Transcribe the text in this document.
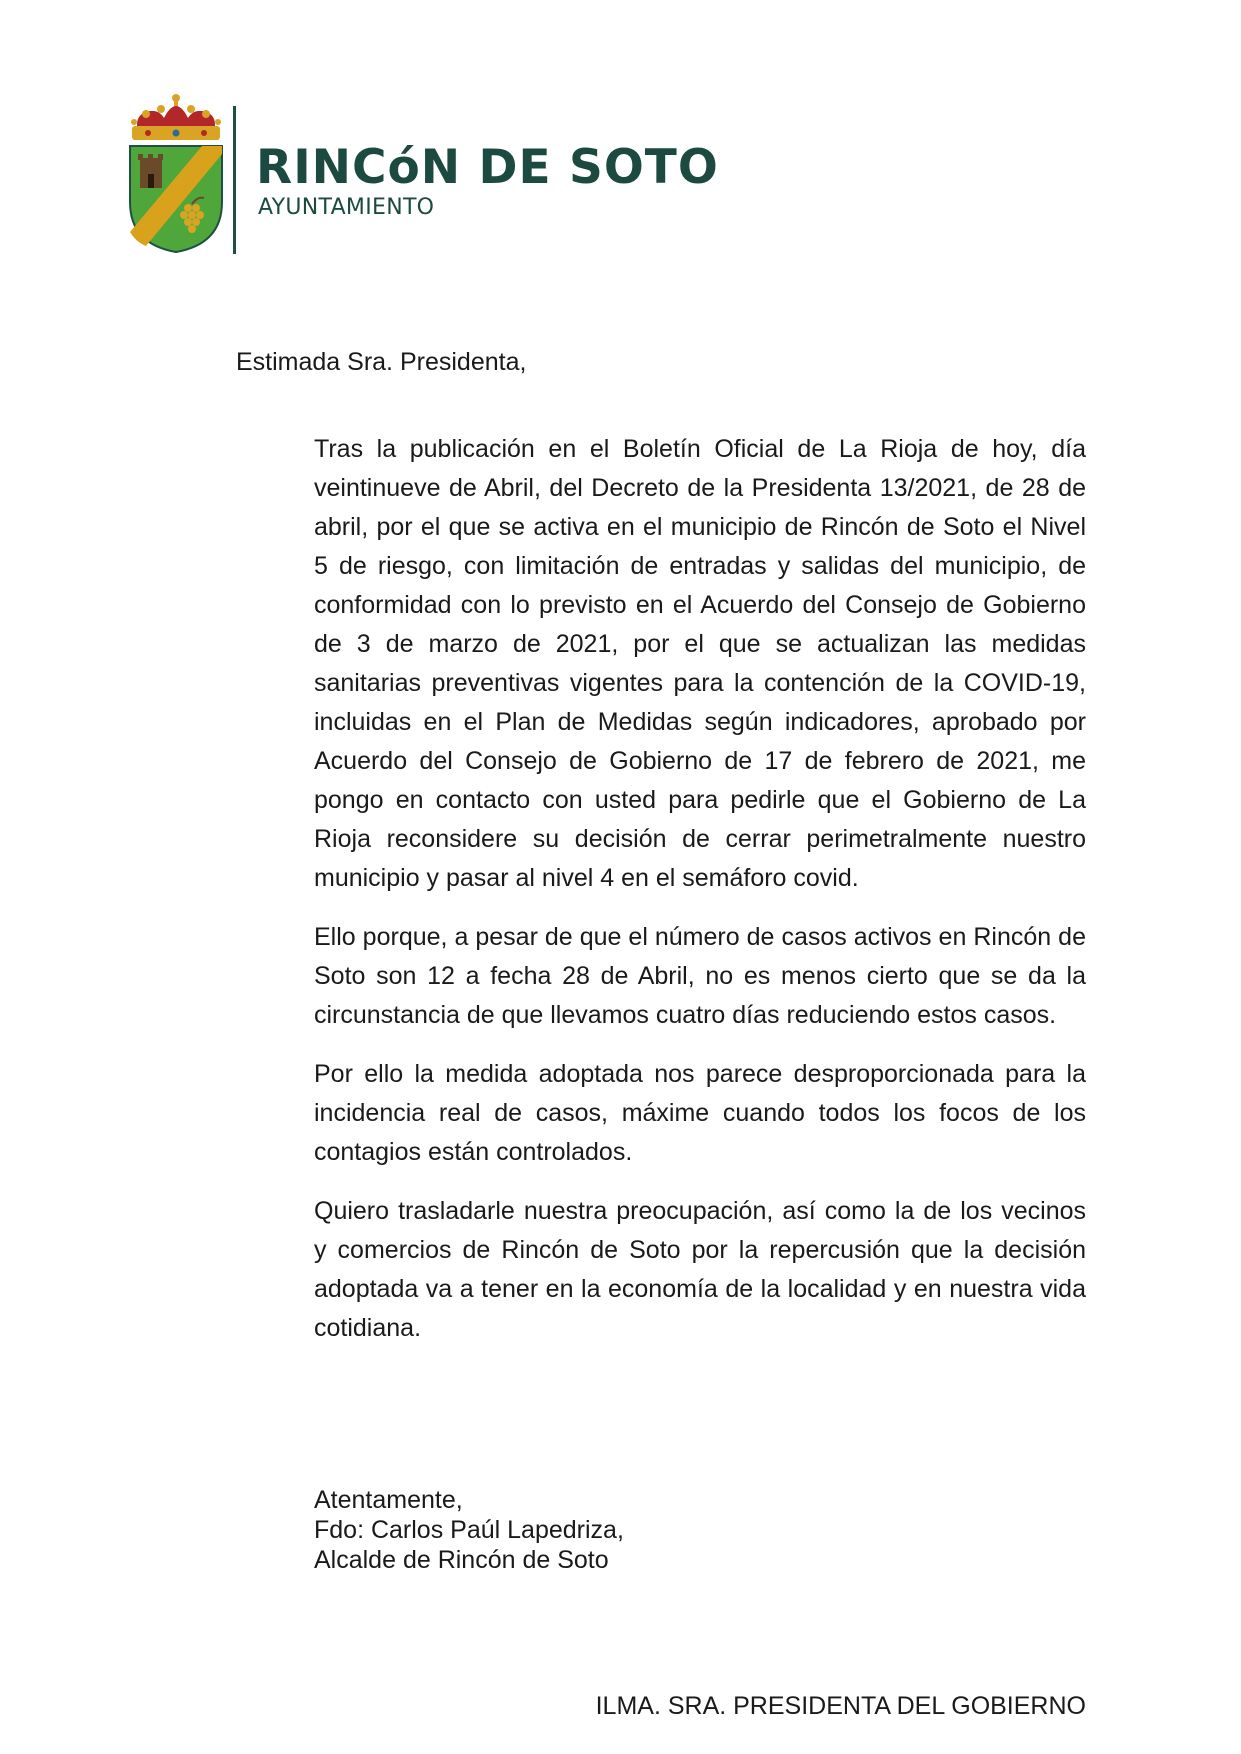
RINCóN DE SOTO
AYUNTAMIENTO
Estimada Sra. Presidenta,

Tras la publicación en el Boletín Oficial de La Rioja de hoy, día veintinueve de Abril, del Decreto de la Presidenta 13/2021, de 28 de abril, por el que se activa en el municipio de Rincón de Soto el Nivel 5 de riesgo, con limitación de entradas y salidas del municipio, de conformidad con lo previsto en el Acuerdo del Consejo de Gobierno de 3 de marzo de 2021, por el que se actualizan las medidas sanitarias preventivas vigentes para la contención de la COVID-19, incluidas en el Plan de Medidas según indicadores, aprobado por Acuerdo del Consejo de Gobierno de 17 de febrero de 2021, me pongo en contacto con usted para pedirle que el Gobierno de La Rioja reconsidere su decisión de cerrar perimetralmente nuestro municipio y pasar al nivel 4 en el semáforo covid.

Ello porque, a pesar de que el número de casos activos en Rincón de Soto son 12 a fecha 28 de Abril, no es menos cierto que se da la circunstancia de que llevamos cuatro días reduciendo estos casos.

Por ello la medida adoptada nos parece desproporcionada para la incidencia real de casos, máxime cuando todos los focos de los contagios están controlados.

Quiero trasladarle nuestra preocupación, así como la de los vecinos y comercios de Rincón de Soto por la repercusión que la decisión adoptada va a tener en la economía de la localidad y en nuestra vida cotidiana.

Atentamente,
Fdo: Carlos Paúl Lapedriza,
Alcalde de Rincón de Soto
ILMA. SRA. PRESIDENTA DEL GOBIERNO
